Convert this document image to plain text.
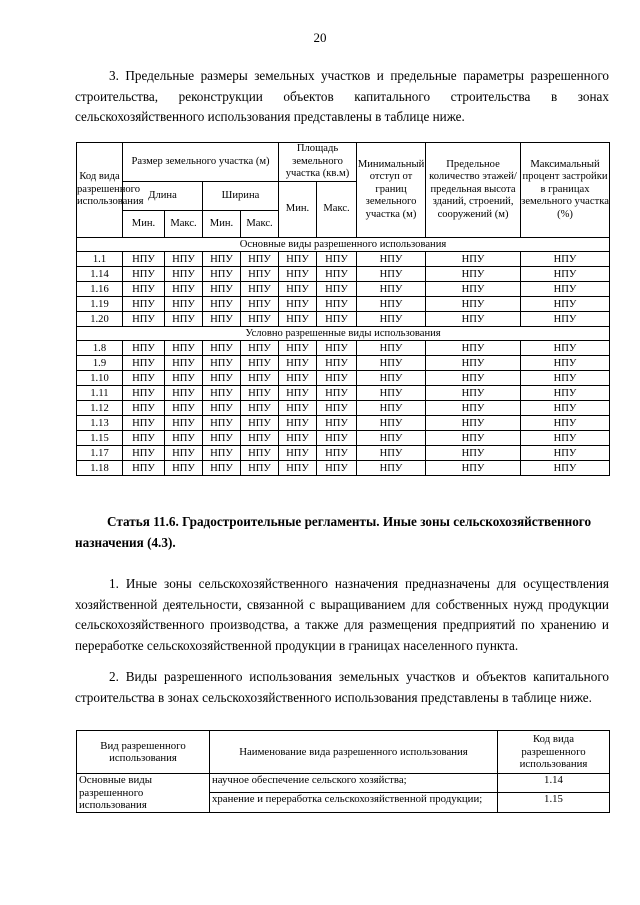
20
3. Предельные размеры земельных участков и предельные параметры разрешенного строительства, реконструкции объектов капитального строительства в зонах сельскохозяйственного использования представлены в таблице ниже.
Код вида разрешенного использования	Размер земельного участка (м)				Площадь земельного участка (кв.м)		Минимальный отступ от границ земельного участка (м)	Предельное количество этажей/ предельная высота зданий, строений, сооружений (м)	Максимальный процент застройки в границах земельного участка (%)
	Длина		Ширина		Мин.	Макс.			
	Мин.	Макс.	Мин.	Макс.					
Основные виды разрешенного использования									
1.1	НПУ	НПУ	НПУ	НПУ	НПУ	НПУ	НПУ	НПУ	НПУ
1.14	НПУ	НПУ	НПУ	НПУ	НПУ	НПУ	НПУ	НПУ	НПУ
1.16	НПУ	НПУ	НПУ	НПУ	НПУ	НПУ	НПУ	НПУ	НПУ
1.19	НПУ	НПУ	НПУ	НПУ	НПУ	НПУ	НПУ	НПУ	НПУ
1.20	НПУ	НПУ	НПУ	НПУ	НПУ	НПУ	НПУ	НПУ	НПУ
Условно разрешенные виды использования									
1.8	НПУ	НПУ	НПУ	НПУ	НПУ	НПУ	НПУ	НПУ	НПУ
1.9	НПУ	НПУ	НПУ	НПУ	НПУ	НПУ	НПУ	НПУ	НПУ
1.10	НПУ	НПУ	НПУ	НПУ	НПУ	НПУ	НПУ	НПУ	НПУ
1.11	НПУ	НПУ	НПУ	НПУ	НПУ	НПУ	НПУ	НПУ	НПУ
1.12	НПУ	НПУ	НПУ	НПУ	НПУ	НПУ	НПУ	НПУ	НПУ
1.13	НПУ	НПУ	НПУ	НПУ	НПУ	НПУ	НПУ	НПУ	НПУ
1.15	НПУ	НПУ	НПУ	НПУ	НПУ	НПУ	НПУ	НПУ	НПУ
1.17	НПУ	НПУ	НПУ	НПУ	НПУ	НПУ	НПУ	НПУ	НПУ
1.18	НПУ	НПУ	НПУ	НПУ	НПУ	НПУ	НПУ	НПУ	НПУ
Статья 11.6. Градостроительные регламенты. Иные зоны сельскохозяйственного назначения (4.3).
1. Иные зоны сельскохозяйственного назначения предназначены для осуществления хозяйственной деятельности, связанной с выращиванием для собственных нужд продукции сельскохозяйственного производства, а также для размещения предприятий по хранению и переработке сельскохозяйственной продукции в границах населенного пункта.
2. Виды разрешенного использования земельных участков и объектов капитального строительства в зонах сельскохозяйственного использования представлены в таблице ниже.
Вид разрешенного использования	Наименование вида разрешенного использования	Код вида разрешенного использования
Основные виды разрешенного использования	научное обеспечение сельского хозяйства;	1.14
	хранение и переработка сельскохозяйственной продукции;	1.15
